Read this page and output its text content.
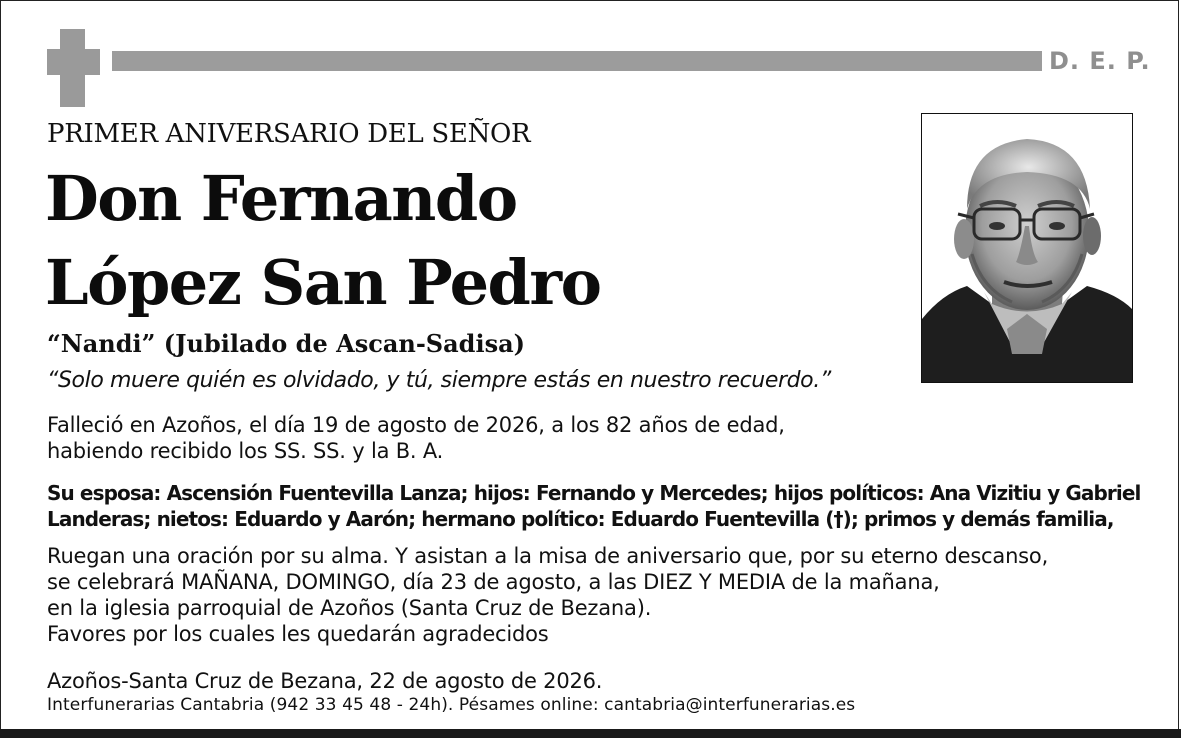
D. E. P.
PRIMER ANIVERSARIO DEL SEÑOR
Don Fernando
López San Pedro
“Nandi” (Jubilado de Ascan-Sadisa)
“Solo muere quién es olvidado, y tú, siempre estás en nuestro recuerdo.”
Falleció en Azoños, el día 19 de agosto de 2026, a los 82 años de edad,
habiendo recibido los SS. SS. y la B. A.
Su esposa: Ascensión Fuentevilla Lanza; hijos: Fernando y Mercedes; hijos políticos: Ana Vizitiu y Gabriel
Landeras; nietos: Eduardo y Aarón; hermano político: Eduardo Fuentevilla (†); primos y demás familia,
Ruegan una oración por su alma. Y asistan a la misa de aniversario que, por su eterno descanso,
se celebrará MAÑANA, DOMINGO, día 23 de agosto, a las DIEZ Y MEDIA de la mañana,
en la iglesia parroquial de Azoños (Santa Cruz de Bezana).
Favores por los cuales les quedarán agradecidos
Azoños-Santa Cruz de Bezana, 22 de agosto de 2026.
Interfunerarias Cantabria (942 33 45 48 - 24h). Pésames online: cantabria@interfunerarias.es
